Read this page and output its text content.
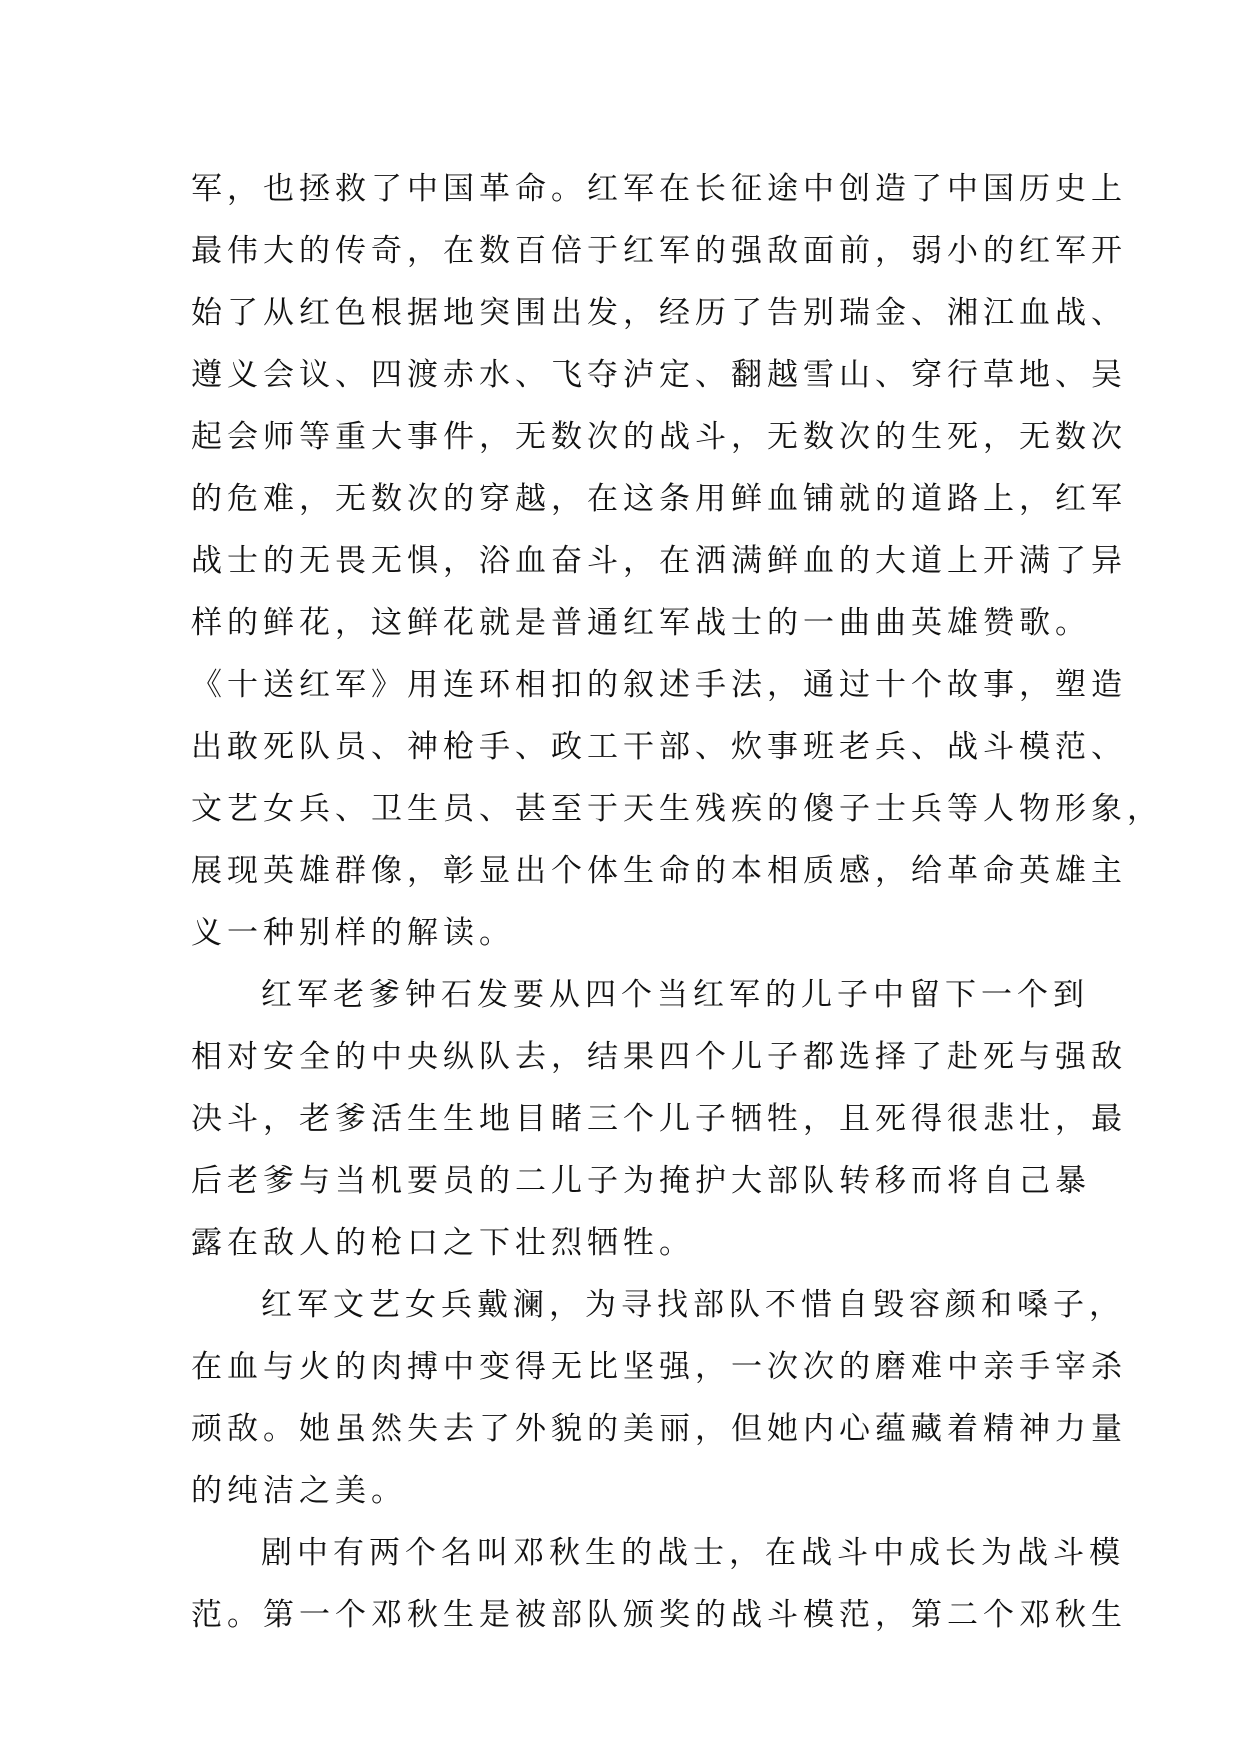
军，也拯救了中国革命。红军在长征途中创造了中国历史上
最伟大的传奇，在数百倍于红军的强敌面前，弱小的红军开
始了从红色根据地突围出发，经历了告别瑞金、湘江血战、
遵义会议、四渡赤水、飞夺泸定、翻越雪山、穿行草地、吴
起会师等重大事件，无数次的战斗，无数次的生死，无数次
的危难，无数次的穿越，在这条用鲜血铺就的道路上，红军
战士的无畏无惧，浴血奋斗，在洒满鲜血的大道上开满了异
样的鲜花，这鲜花就是普通红军战士的一曲曲英雄赞歌。
《十送红军》用连环相扣的叙述手法，通过十个故事，塑造
出敢死队员、神枪手、政工干部、炊事班老兵、战斗模范、
文艺女兵、卫生员、甚至于天生残疾的傻子士兵等人物形象，
展现英雄群像，彰显出个体生命的本相质感，给革命英雄主
义一种别样的解读。
红军老爹钟石发要从四个当红军的儿子中留下一个到
相对安全的中央纵队去，结果四个儿子都选择了赴死与强敌
决斗，老爹活生生地目睹三个儿子牺牲，且死得很悲壮，最
后老爹与当机要员的二儿子为掩护大部队转移而将自己暴
露在敌人的枪口之下壮烈牺牲。
红军文艺女兵戴澜，为寻找部队不惜自毁容颜和嗓子，
在血与火的肉搏中变得无比坚强，一次次的磨难中亲手宰杀
顽敌。她虽然失去了外貌的美丽，但她内心蕴藏着精神力量
的纯洁之美。
剧中有两个名叫邓秋生的战士，在战斗中成长为战斗模
范。第一个邓秋生是被部队颁奖的战斗模范，第二个邓秋生
